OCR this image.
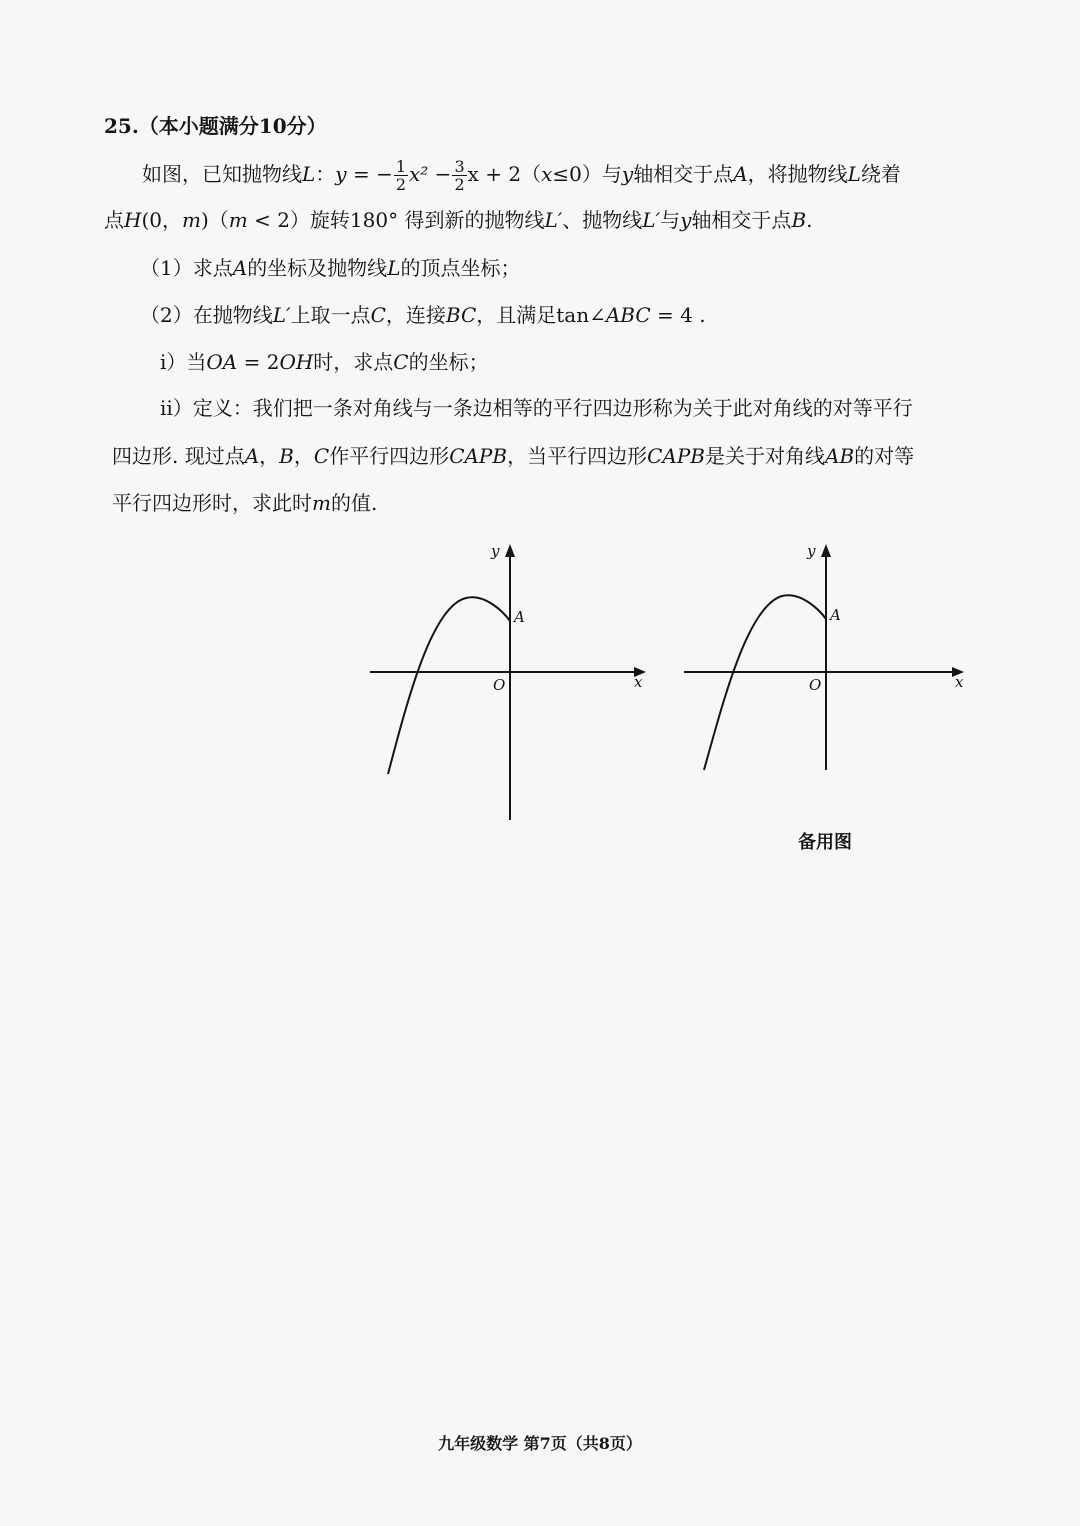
25.（本小题满分10分）
如图，已知抛物线L：y = − $\frac{1}{2} x^2 - \frac{3}{2}$ x + 2（x≤0）与y轴相交于点A，将抛物线L绕着
点H(0，m)（m < 2）旋转180° 得到新的抛物线L′、抛物线L′与y轴相交于点B.
（1）求点A的坐标及抛物线L的顶点坐标；
（2）在抛物线L′上取一点C，连接BC，且满足tan∠ABC = 4 .
ⅰ）当OA = 2OH时，求点C的坐标；
ⅱ）定义：我们把一条对角线与一条边相等的平行四边形称为关于此对角线的对等平行
四边形. 现过点A，B，C作平行四边形CAPB，当平行四边形CAPB是关于对角线AB的对等
平行四边形时，求此时m的值.
y
x
O
A
y
x
O
A
备用图
九年级数学 第7页（共8页）
